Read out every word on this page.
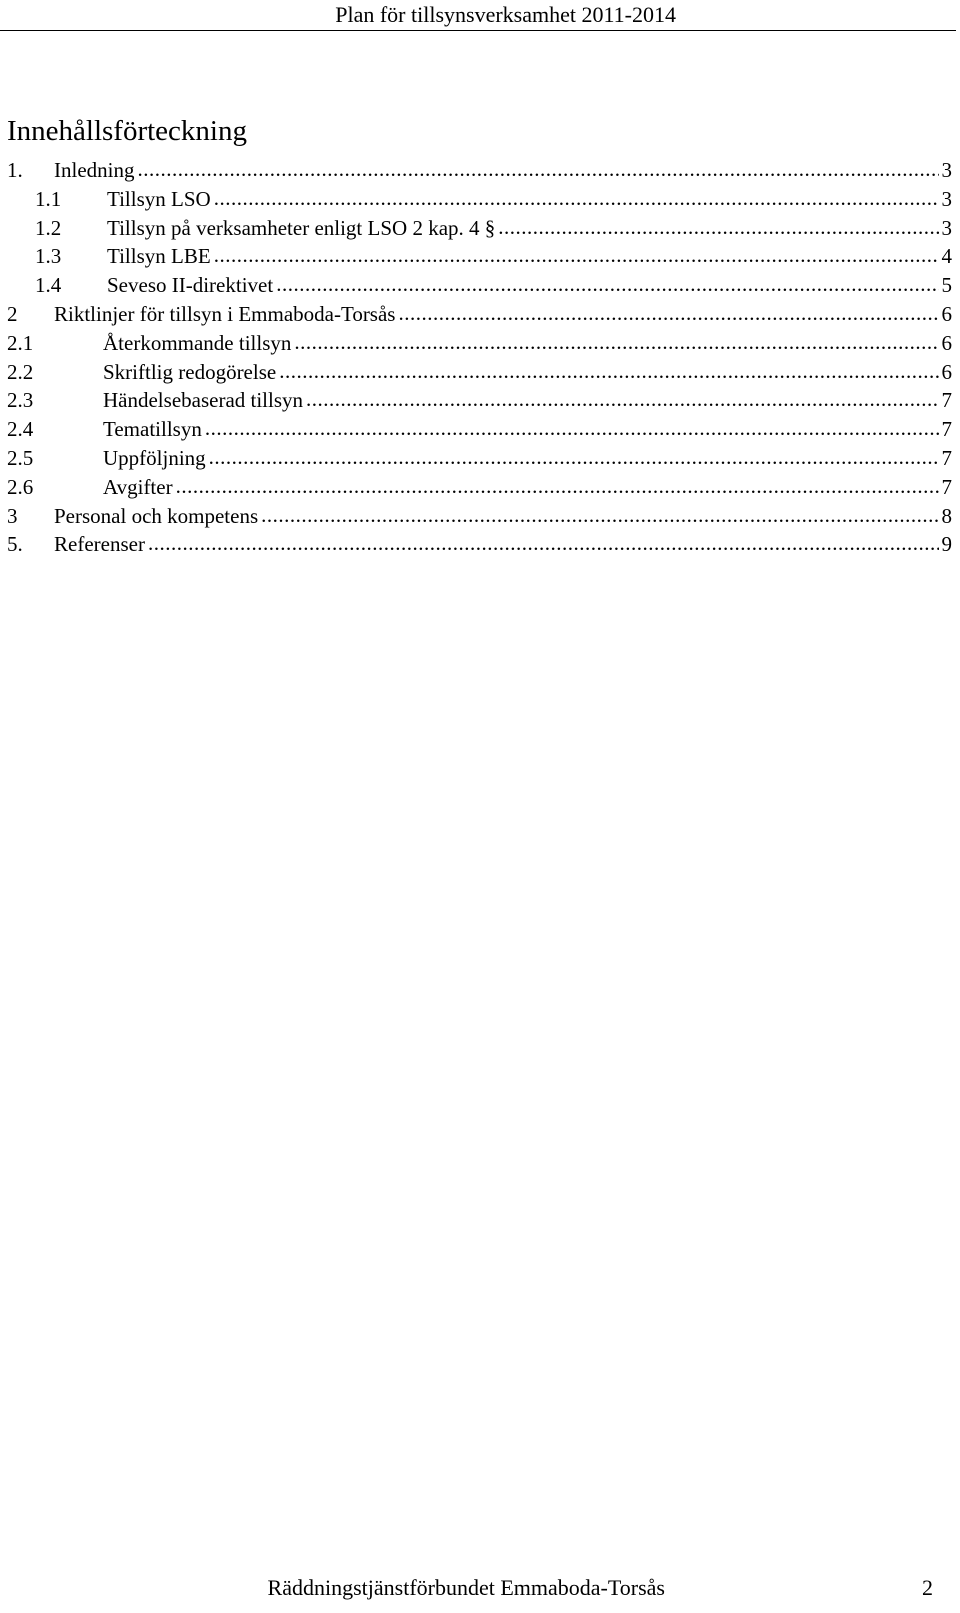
Plan för tillsynsverksamhet 2011-2014
Innehållsförteckning
1.	Inledning .....	3
1.1	Tillsyn LSO .....	3
1.2	Tillsyn på verksamheter enligt LSO 2 kap. 4 § .....	3
1.3	Tillsyn LBE .....	4
1.4	Seveso II-direktivet .....	5
2	Riktlinjer för tillsyn i Emmaboda-Torsås .....	6
2.1	Återkommande tillsyn .....	6
2.2	Skriftlig redogörelse .....	6
2.3	Händelsebaserad tillsyn .....	7
2.4	Tematillsyn .....	7
2.5	Uppföljning .....	7
2.6	Avgifter .....	7
3	Personal och kompetens .....	8
5.	Referenser .....	9
Räddningstjänstförbundet Emmaboda-Torsås	2
